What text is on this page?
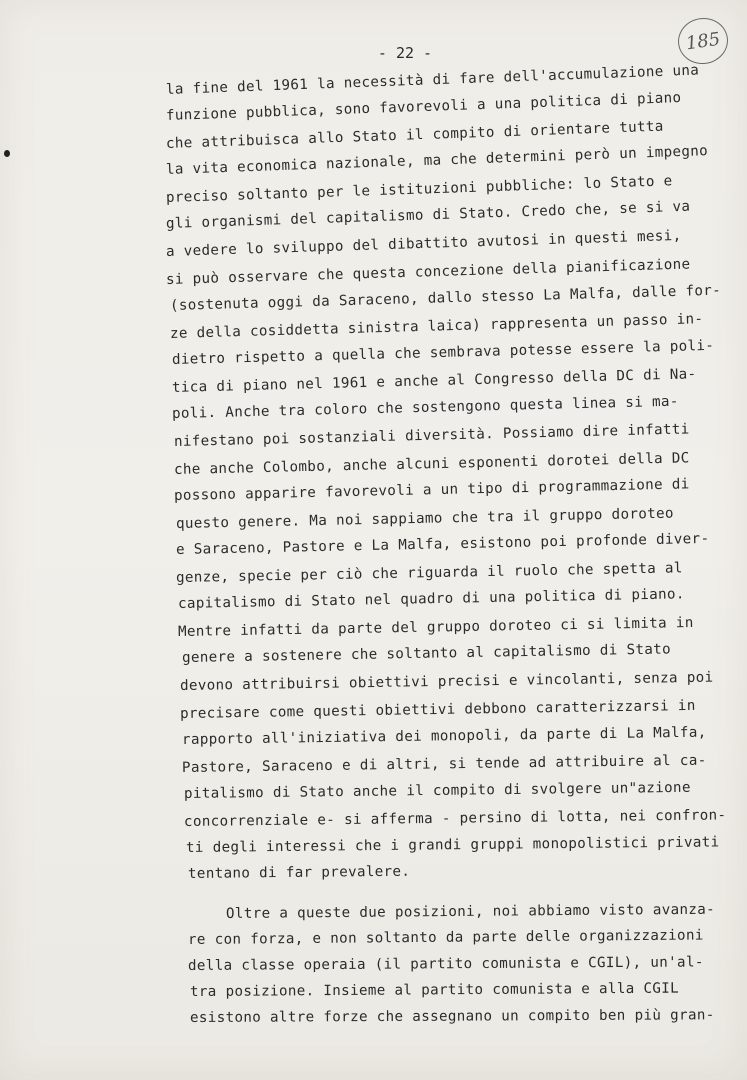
- 22 -	185
la fine del 1961 la necessità di fare dell'accumulazione una
funzione pubblica, sono favorevoli a una politica di piano
che attribuisca allo Stato il compito di orientare tutta
la vita economica nazionale, ma che determini però un impegno
preciso soltanto per le istituzioni pubbliche: lo Stato e
gli organismi del capitalismo di Stato. Credo che, se si va
a vedere lo sviluppo del dibattito avutosi in questi mesi,
si può osservare che questa concezione della pianificazione
(sostenuta oggi da Saraceno, dallo stesso La Malfa, dalle for-
ze della cosiddetta sinistra laica) rappresenta un passo in-
dietro rispetto a quella che sembrava potesse essere la poli-
tica di piano nel 1961 e anche al Congresso della DC di Na-
poli. Anche tra coloro che sostengono questa linea si ma-
nifestano poi sostanziali diversità. Possiamo dire infatti
che anche Colombo, anche alcuni esponenti dorotei della DC
possono apparire favorevoli a un tipo di programmazione di
questo genere. Ma noi sappiamo che tra il gruppo doroteo
e Saraceno, Pastore e La Malfa, esistono poi profonde diver-
genze, specie per ciò che riguarda il ruolo che spetta al
capitalismo di Stato nel quadro di una politica di piano.
Mentre infatti da parte del gruppo doroteo ci si limita in
genere a sostenere che soltanto al capitalismo di Stato
devono attribuirsi obiettivi precisi e vincolanti, senza poi
precisare come questi obiettivi debbono caratterizzarsi in
rapporto all'iniziativa dei monopoli, da parte di La Malfa,
Pastore, Saraceno e di altri, si tende ad attribuire al ca-
pitalismo di Stato anche il compito di svolgere un"azione
concorrenziale e- si afferma - persino di lotta, nei confron-
ti degli interessi che i grandi gruppi monopolistici privati
tentano di far prevalere.
Oltre a queste due posizioni, noi abbiamo visto avanza-
re con forza, e non soltanto da parte delle organizzazioni
della classe operaia (il partito comunista e CGIL), un'al-
tra posizione. Insieme al partito comunista e alla CGIL
esistono altre forze che assegnano un compito ben più gran-
